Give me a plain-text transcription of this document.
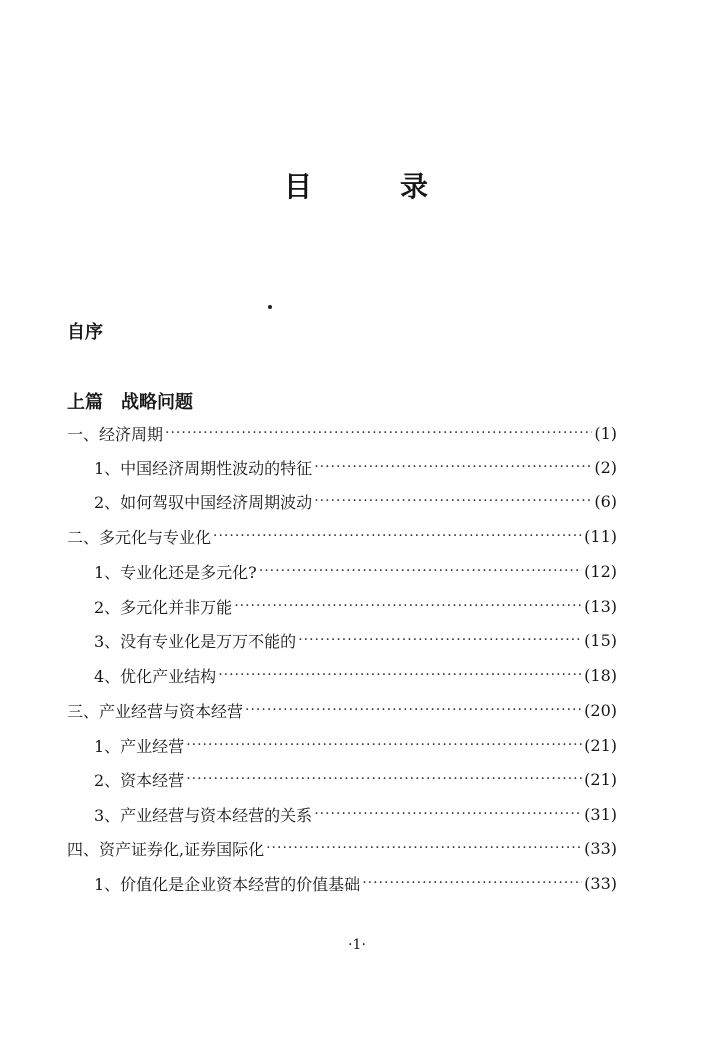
目　录
自序
上篇　战略问题
一、经济周期 ·····	(1)
1、中国经济周期性波动的特征 ·····	(2)
2、如何驾驭中国经济周期波动 ·····	(6)
二、多元化与专业化 ·····	(11)
1、专业化还是多元化? ·····	(12)
2、多元化并非万能 ·····	(13)
3、没有专业化是万万不能的 ·····	(15)
4、优化产业结构 ·····	(18)
三、产业经营与资本经营 ·····	(20)
1、产业经营 ·····	(21)
2、资本经营 ·····	(21)
3、产业经营与资本经营的关系 ·····	(31)
四、资产证券化,证券国际化 ·····	(33)
1、价值化是企业资本经营的价值基础 ·····	(33)
·1·
